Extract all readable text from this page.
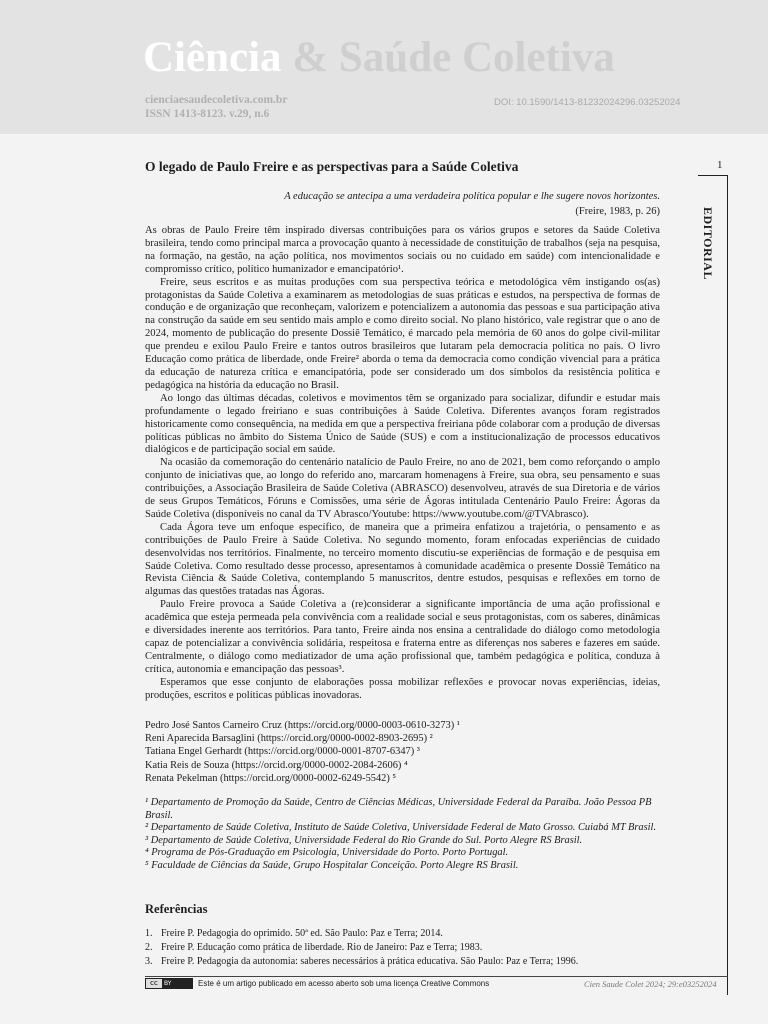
Ciência & Saúde Coletiva
cienciaesaudecoletiva.com.br
ISSN 1413-8123. v.29, n.6
DOI: 10.1590/1413-81232024296.03252024
1
EDITORIAL
O legado de Paulo Freire e as perspectivas para a Saúde Coletiva
A educação se antecipa a uma verdadeira política popular e lhe sugere novos horizontes.
(Freire, 1983, p. 26)

As obras de Paulo Freire têm inspirado diversas contribuições para os vários grupos e setores da Saúde Coletiva brasileira, tendo como principal marca a provocação quanto à necessidade de constituição de trabalhos (seja na pesquisa, na formação, na gestão, na ação política, nos movimentos sociais ou no cuidado em saúde) com intencionalidade e compromisso crítico, político humanizador e emancipatório¹.

Freire, seus escritos e as muitas produções com sua perspectiva teórica e metodológica vêm instigando os(as) protagonistas da Saúde Coletiva a examinarem as metodologias de suas práticas e estudos, na perspectiva de formas de condução e de organização que reconheçam, valorizem e potencializem a autonomia das pessoas e sua participação ativa na construção da saúde em seu sentido mais amplo e como direito social. No plano histórico, vale registrar que o ano de 2024, momento de publicação do presente Dossiê Temático, é marcado pela memória de 60 anos do golpe civil-militar que prendeu e exilou Paulo Freire e tantos outros brasileiros que lutaram pela democracia política no país. O livro Educação como prática de liberdade, onde Freire² aborda o tema da democracia como condição vivencial para a prática da educação de natureza crítica e emancipatória, pode ser considerado um dos símbolos da resistência política e pedagógica na história da educação no Brasil.

Ao longo das últimas décadas, coletivos e movimentos têm se organizado para socializar, difundir e estudar mais profundamente o legado freiriano e suas contribuições à Saúde Coletiva. Diferentes avanços foram registrados historicamente como consequência, na medida em que a perspectiva freiriana pôde colaborar com a produção de diversas políticas públicas no âmbito do Sistema Único de Saúde (SUS) e com a institucionalização de processos educativos dialógicos e de participação social em saúde.

Na ocasião da comemoração do centenário natalício de Paulo Freire, no ano de 2021, bem como reforçando o amplo conjunto de iniciativas que, ao longo do referido ano, marcaram homenagens à Freire, sua obra, seu pensamento e suas contribuições, a Associação Brasileira de Saúde Coletiva (ABRASCO) desenvolveu, através de sua Diretoria e de vários de seus Grupos Temáticos, Fóruns e Comissões, uma série de Ágoras intitulada Centenário Paulo Freire: Ágoras da Saúde Coletiva (disponíveis no canal da TV Abrasco/Youtube: https://www.youtube.com/@TVAbrasco).

Cada Ágora teve um enfoque específico, de maneira que a primeira enfatizou a trajetória, o pensamento e as contribuições de Paulo Freire à Saúde Coletiva. No segundo momento, foram enfocadas experiências de cuidado desenvolvidas nos territórios. Finalmente, no terceiro momento discutiu-se experiências de formação e de pesquisa em Saúde Coletiva. Como resultado desse processo, apresentamos à comunidade acadêmica o presente Dossiê Temático na Revista Ciência & Saúde Coletiva, contemplando 5 manuscritos, dentre estudos, pesquisas e reflexões em torno de algumas das questões tratadas nas Ágoras.

Paulo Freire provoca a Saúde Coletiva a (re)considerar a significante importância de uma ação profissional e acadêmica que esteja permeada pela convivência com a realidade social e seus protagonistas, com os saberes, dinâmicas e diversidades inerente aos territórios. Para tanto, Freire ainda nos ensina a centralidade do diálogo como metodologia capaz de potencializar a convivência solidária, respeitosa e fraterna entre as diferenças nos saberes e fazeres em saúde. Centralmente, o diálogo como mediatizador de uma ação profissional que, também pedagógica e política, conduza à crítica, autonomia e emancipação das pessoas³.

Esperamos que esse conjunto de elaborações possa mobilizar reflexões e provocar novas experiências, ideias, produções, escritos e políticas públicas inovadoras.

Pedro José Santos Carneiro Cruz (https://orcid.org/0000-0003-0610-3273) ¹
Reni Aparecida Barsaglini (https://orcid.org/0000-0002-8903-2695) ²
Tatiana Engel Gerhardt (https://orcid.org/0000-0001-8707-6347) ³
Katia Reis de Souza (https://orcid.org/0000-0002-2084-2606) ⁴
Renata Pekelman (https://orcid.org/0000-0002-6249-5542) ⁵
¹ Departamento de Promoção da Saúde, Centro de Ciências Médicas, Universidade Federal da Paraíba. João Pessoa PB Brasil.
² Departamento de Saúde Coletiva, Instituto de Saúde Coletiva, Universidade Federal de Mato Grosso. Cuiabá MT Brasil.
³ Departamento de Saúde Coletiva, Universidade Federal do Rio Grande do Sul. Porto Alegre RS Brasil.
⁴ Programa de Pós-Graduação em Psicologia, Universidade do Porto. Porto Portugal.
⁵ Faculdade de Ciências da Saúde, Grupo Hospitalar Conceição. Porto Alegre RS Brasil.
Referências
1. Freire P. Pedagogia do oprimido. 50ª ed. São Paulo: Paz e Terra; 2014.
2. Freire P. Educação como prática de liberdade. Rio de Janeiro: Paz e Terra; 1983.
3. Freire P. Pedagogia da autonomia: saberes necessários à prática educativa. São Paulo: Paz e Terra; 1996.
cc	BY	Este é um artigo publicado em acesso aberto sob uma licença Creative Commons	Cien Saude Colet 2024; 29:e03252024
